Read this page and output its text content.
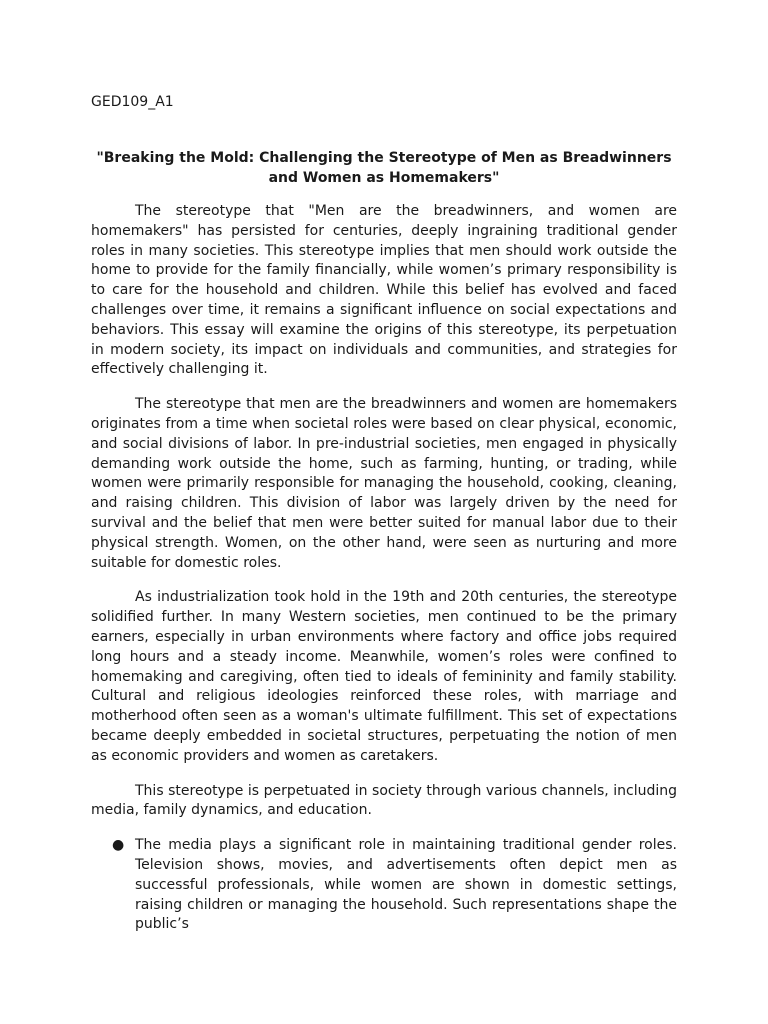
GED109_A1
"Breaking the Mold: Challenging the Stereotype of Men as Breadwinners and Women as Homemakers"

The stereotype that "Men are the breadwinners, and women are homemakers" has persisted for centuries, deeply ingraining traditional gender roles in many societies. This stereotype implies that men should work outside the home to provide for the family financially, while women’s primary responsibility is to care for the household and children. While this belief has evolved and faced challenges over time, it remains a significant influence on social expectations and behaviors. This essay will examine the origins of this stereotype, its perpetuation in modern society, its impact on individuals and communities, and strategies for effectively challenging it.

The stereotype that men are the breadwinners and women are homemakers originates from a time when societal roles were based on clear physical, economic, and social divisions of labor. In pre-industrial societies, men engaged in physically demanding work outside the home, such as farming, hunting, or trading, while women were primarily responsible for managing the household, cooking, cleaning, and raising children. This division of labor was largely driven by the need for survival and the belief that men were better suited for manual labor due to their physical strength. Women, on the other hand, were seen as nurturing and more suitable for domestic roles.

As industrialization took hold in the 19th and 20th centuries, the stereotype solidified further. In many Western societies, men continued to be the primary earners, especially in urban environments where factory and office jobs required long hours and a steady income. Meanwhile, women’s roles were confined to homemaking and caregiving, often tied to ideals of femininity and family stability. Cultural and religious ideologies reinforced these roles, with marriage and motherhood often seen as a woman's ultimate fulfillment. This set of expectations became deeply embedded in societal structures, perpetuating the notion of men as economic providers and women as caretakers.

This stereotype is perpetuated in society through various channels, including media, family dynamics, and education.

● The media plays a significant role in maintaining traditional gender roles. Television shows, movies, and advertisements often depict men as successful professionals, while women are shown in domestic settings, raising children or managing the household. Such representations shape the public’s
